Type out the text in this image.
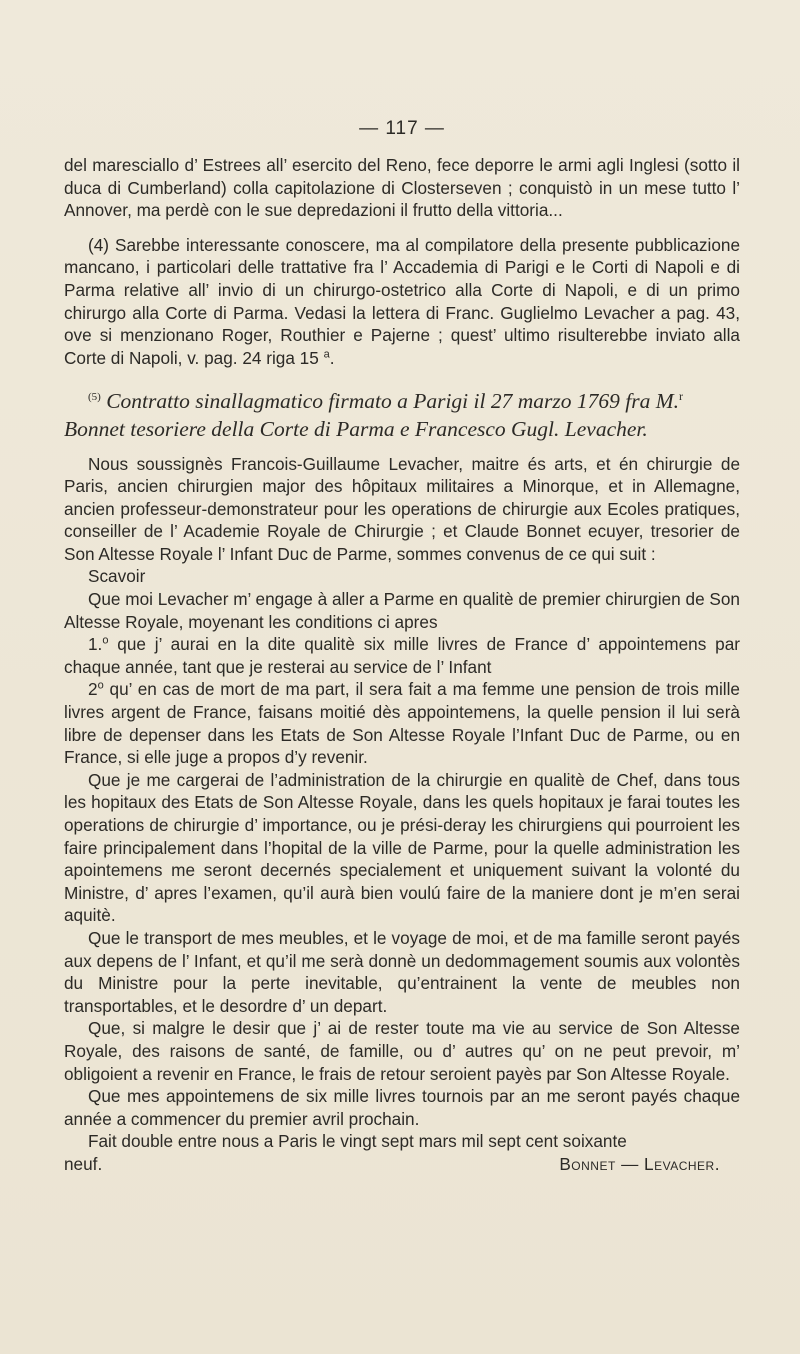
— 117 —

del maresciallo d’ Estrees all’ esercito del Reno, fece deporre le armi agli Inglesi (sotto il duca di Cumberland) colla capitolazione di Closterseven ; conquistò in un mese tutto l’ Annover, ma perdè con le sue depredazioni il frutto della vittoria...

(4) Sarebbe interessante conoscere, ma al compilatore della presente pubblicazione mancano, i particolari delle trattative fra l’ Accademia di Parigi e le Corti di Napoli e di Parma relative all’ invio di un chirurgo-ostetrico alla Corte di Napoli, e di un primo chirurgo alla Corte di Parma. Vedasi la lettera di Franc. Guglielmo Levacher a pag. 43, ove si menzionano Roger, Routhier e Pajerne ; quest’ ultimo risulterebbe inviato alla Corte di Napoli, v. pag. 24 riga 15 $^a$.

$^{(5)}$ Contratto sinallagmatico firmato a Parigi il 27 marzo 1769 fra M.$^r$ Bonnet tesoriere della Corte di Parma e Francesco Gugl. Levacher.

Nous soussignès Francois-Guillaume Levacher, maitre és arts, et én chirurgie de Paris, ancien chirurgien major des hôpitaux militaires a Minorque, et in Allemagne, ancien professeur-demonstrateur pour les operations de chirurgie aux Ecoles pratiques, conseiller de l’ Academie Royale de Chirurgie ; et Claude Bonnet ecuyer, tresorier de Son Altesse Royale l’ Infant Duc de Parme, sommes convenus de ce qui suit :

Scavoir

Que moi Levacher m’ engage à aller a Parme en qualitè de premier chirurgien de Son Altesse Royale, moyenant les conditions ci apres

1.$^o$ que j’ aurai en la dite qualitè six mille livres de France d’ appointemens par chaque année, tant que je resterai au service de l’ Infant

2$^o$ qu’ en cas de mort de ma part, il sera fait a ma femme une pension de trois mille livres argent de France, faisans moitié dès appointemens, la quelle pension il lui serà libre de depenser dans les Etats de Son Altesse Royale l’Infant Duc de Parme, ou en France, si elle juge a propos d’y revenir.

Que je me cargerai de l’administration de la chirurgie en qualitè de Chef, dans tous les hopitaux des Etats de Son Altesse Royale, dans les quels hopitaux je farai toutes les operations de chirurgie d’ importance, ou je prési-deray les chirurgiens qui pourroient les faire principalement dans l’hopital de la ville de Parme, pour la quelle administration les apointemens me seront decernés specialement et uniquement suivant la volonté du Ministre, d’ apres l’examen, qu’il aurà bien voulú faire de la maniere dont je m’en serai aquitè.

Que le transport de mes meubles, et le voyage de moi, et de ma famille seront payés aux depens de l’ Infant, et qu’il me serà donnè un dedommagement soumis aux volontès du Ministre pour la perte inevitable, qu’entrainent la vente de meubles non transportables, et le desordre d’ un depart.

Que, si malgre le desir que j’ ai de rester toute ma vie au service de Son Altesse Royale, des raisons de santé, de famille, ou d’ autres qu’ on ne peut prevoir, m’ obligoient a revenir en France, le frais de retour seroient payès par Son Altesse Royale.

Que mes appointemens de six mille livres tournois par an me seront payés chaque année a commencer du premier avril prochain.

Fait double entre nous a Paris le vingt sept mars mil sept cent soixante

neuf.	Bonnet — Levacher.
